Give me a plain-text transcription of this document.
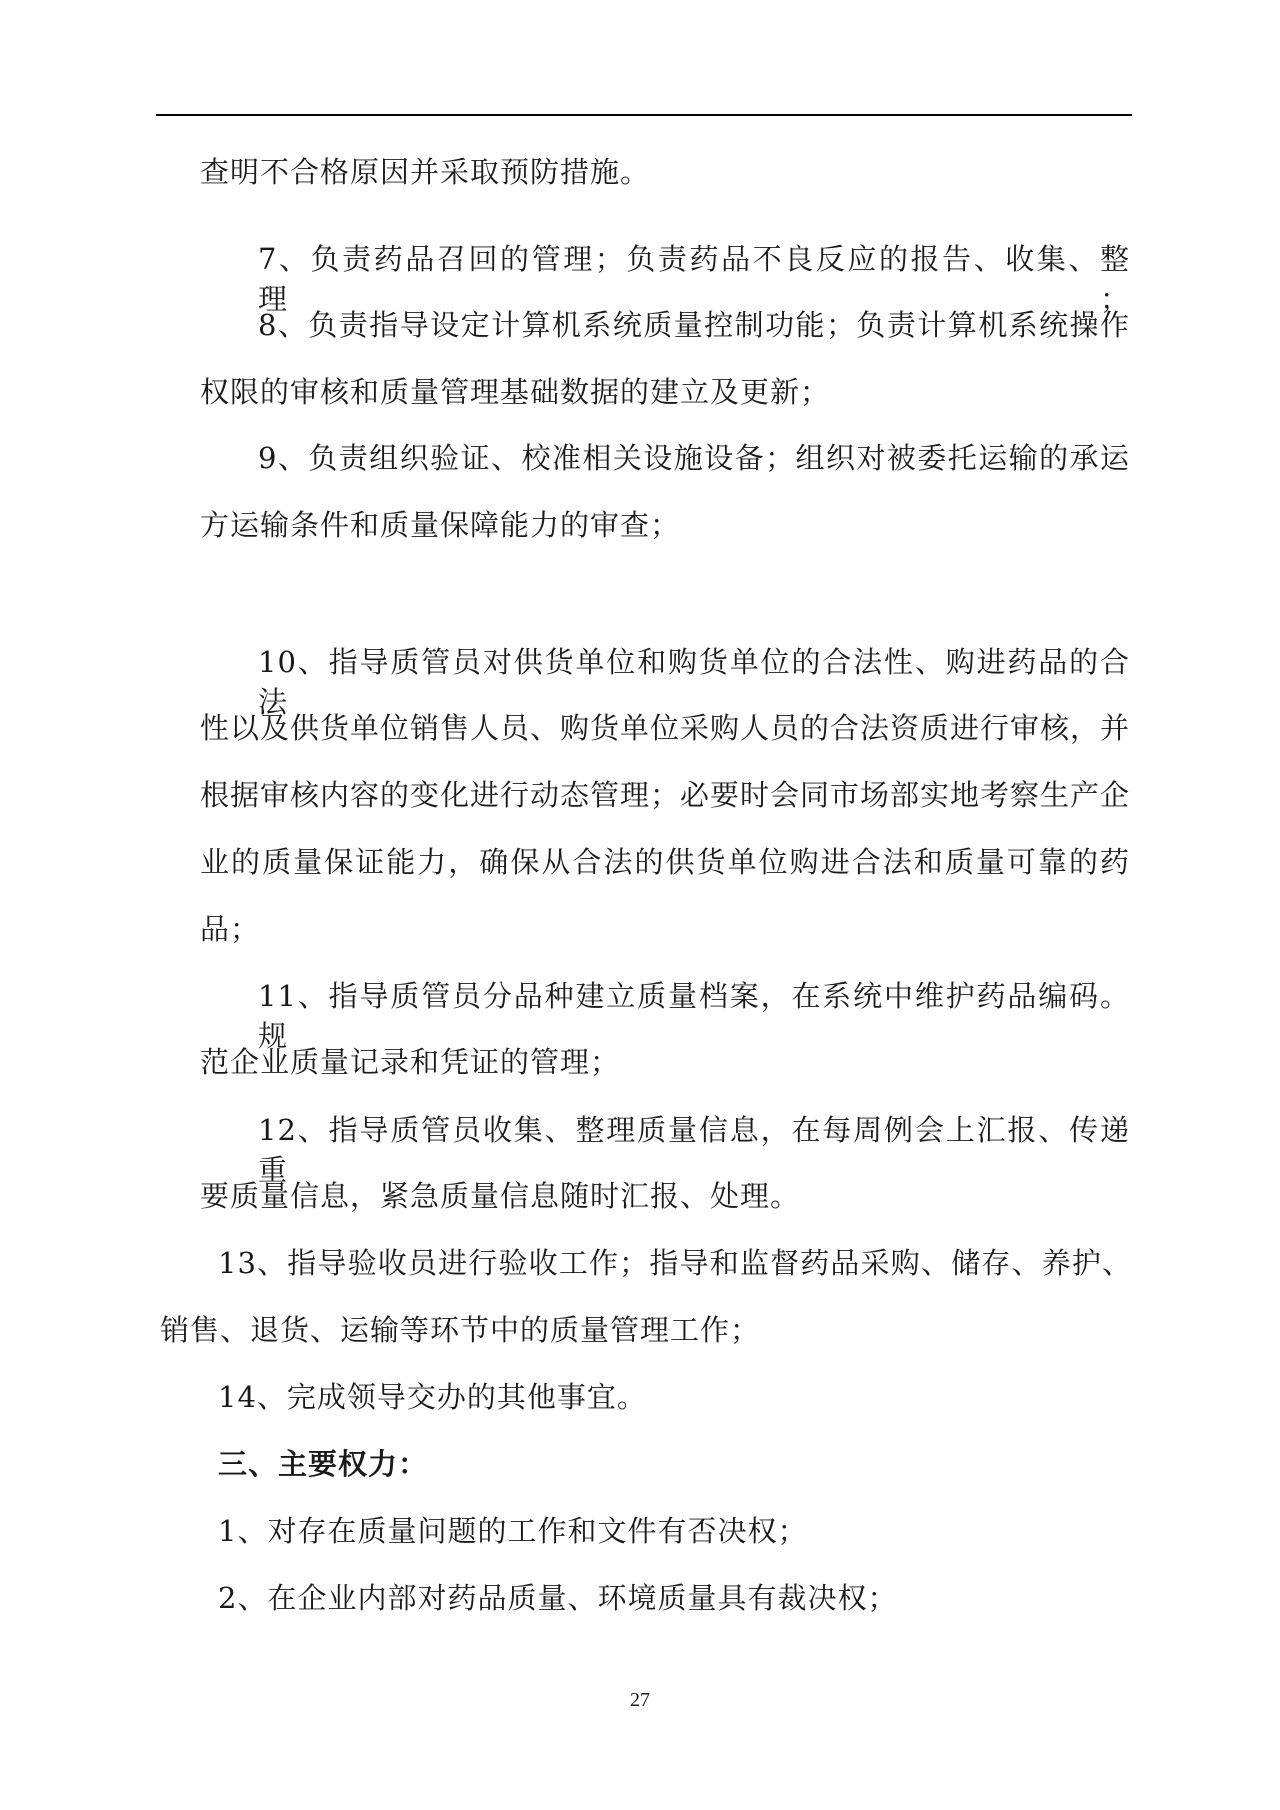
查明不合格原因并采取预防措施。
7、负责药品召回的管理；负责药品不良反应的报告、收集、整理；
8、负责指导设定计算机系统质量控制功能；负责计算机系统操作
权限的审核和质量管理基础数据的建立及更新；
9、负责组织验证、校准相关设施设备；组织对被委托运输的承运
方运输条件和质量保障能力的审查；
10、指导质管员对供货单位和购货单位的合法性、购进药品的合法
性以及供货单位销售人员、购货单位采购人员的合法资质进行审核，并
根据审核内容的变化进行动态管理；必要时会同市场部实地考察生产企
业的质量保证能力，确保从合法的供货单位购进合法和质量可靠的药
品；
11、指导质管员分品种建立质量档案，在系统中维护药品编码。规
范企业质量记录和凭证的管理；
12、指导质管员收集、整理质量信息，在每周例会上汇报、传递重
要质量信息，紧急质量信息随时汇报、处理。
13、指导验收员进行验收工作；指导和监督药品采购、储存、养护、
销售、退货、运输等环节中的质量管理工作；
14、完成领导交办的其他事宜。
三、主要权力：
1、对存在质量问题的工作和文件有否决权；
2、在企业内部对药品质量、环境质量具有裁决权；
27
